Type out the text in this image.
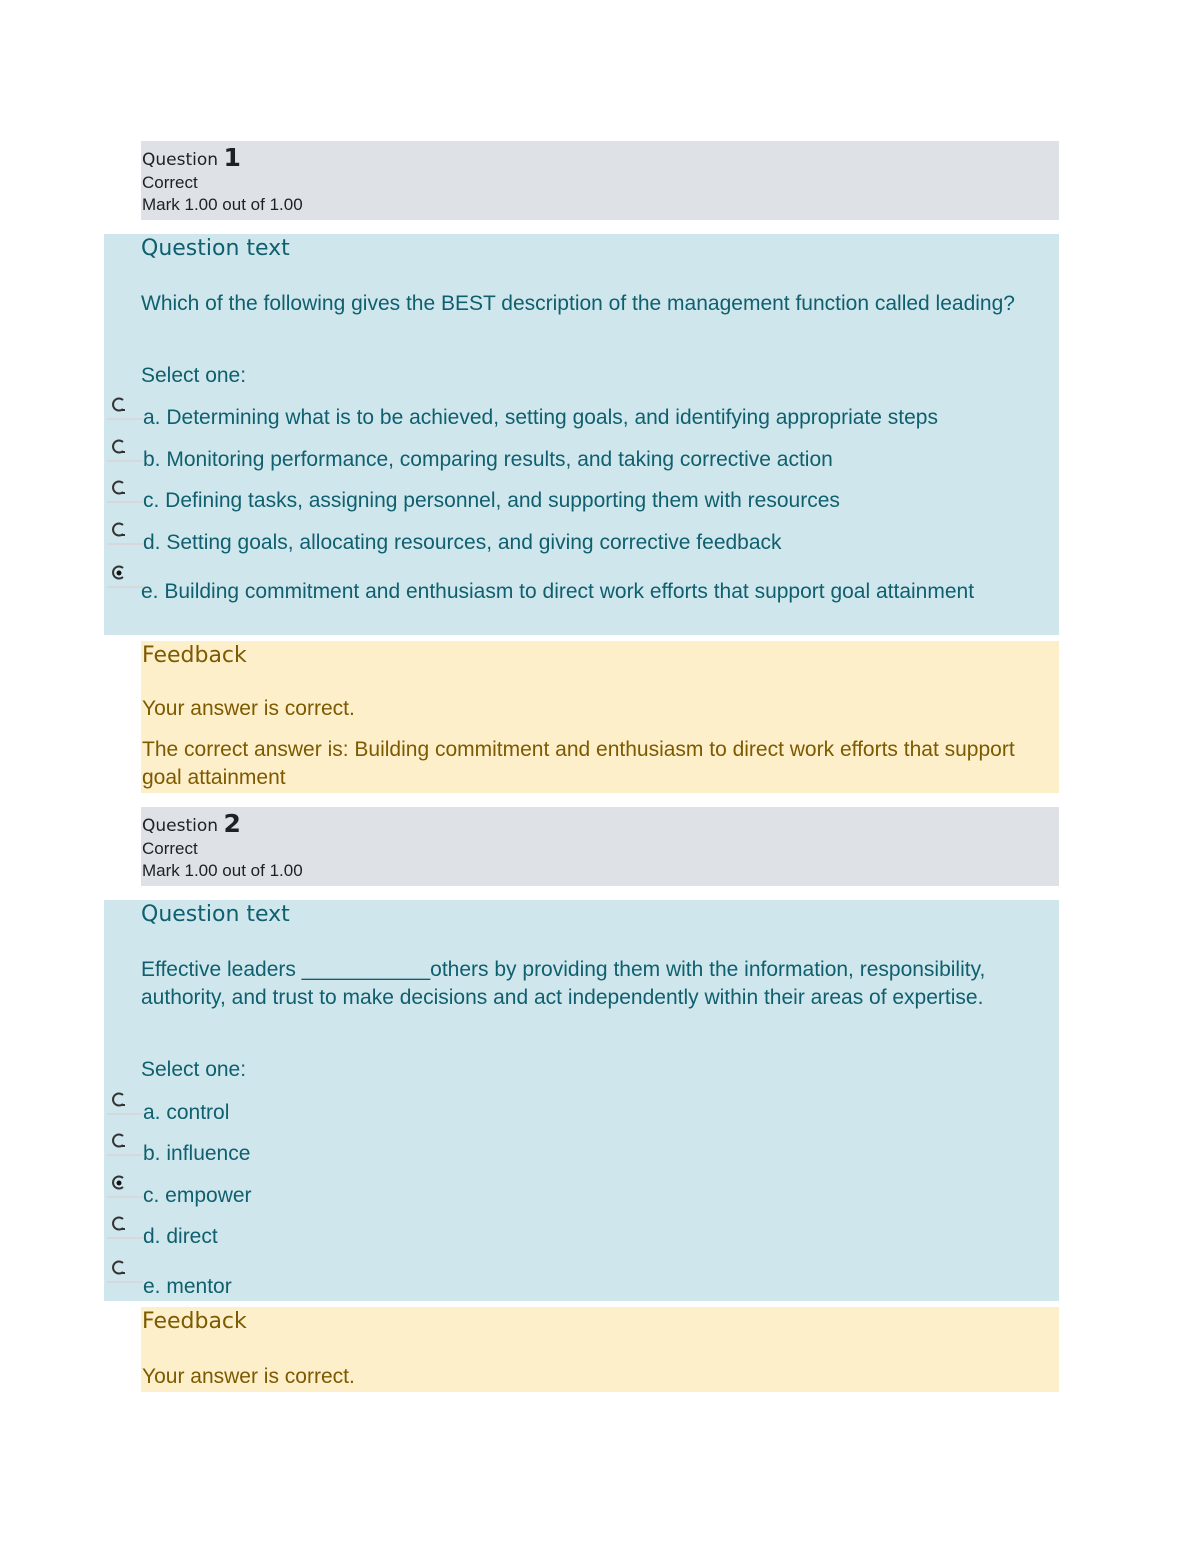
Question 1
Correct
Mark 1.00 out of 1.00
Question text
Which of the following gives the BEST description of the management function called leading?
Select one:
a. Determining what is to be achieved, setting goals, and identifying appropriate steps
b. Monitoring performance, comparing results, and taking corrective action
c. Defining tasks, assigning personnel, and supporting them with resources
d. Setting goals, allocating resources, and giving corrective feedback
e. Building commitment and enthusiasm to direct work efforts that support goal attainment
Feedback
Your answer is correct.
The correct answer is: Building commitment and enthusiasm to direct work efforts that support goal attainment
Question 2
Correct
Mark 1.00 out of 1.00
Question text
Effective leaders ___________others by providing them with the information, responsibility, authority, and trust to make decisions and act independently within their areas of expertise.
Select one:
a. control
b. influence
c. empower
d. direct
e. mentor
Feedback
Your answer is correct.
